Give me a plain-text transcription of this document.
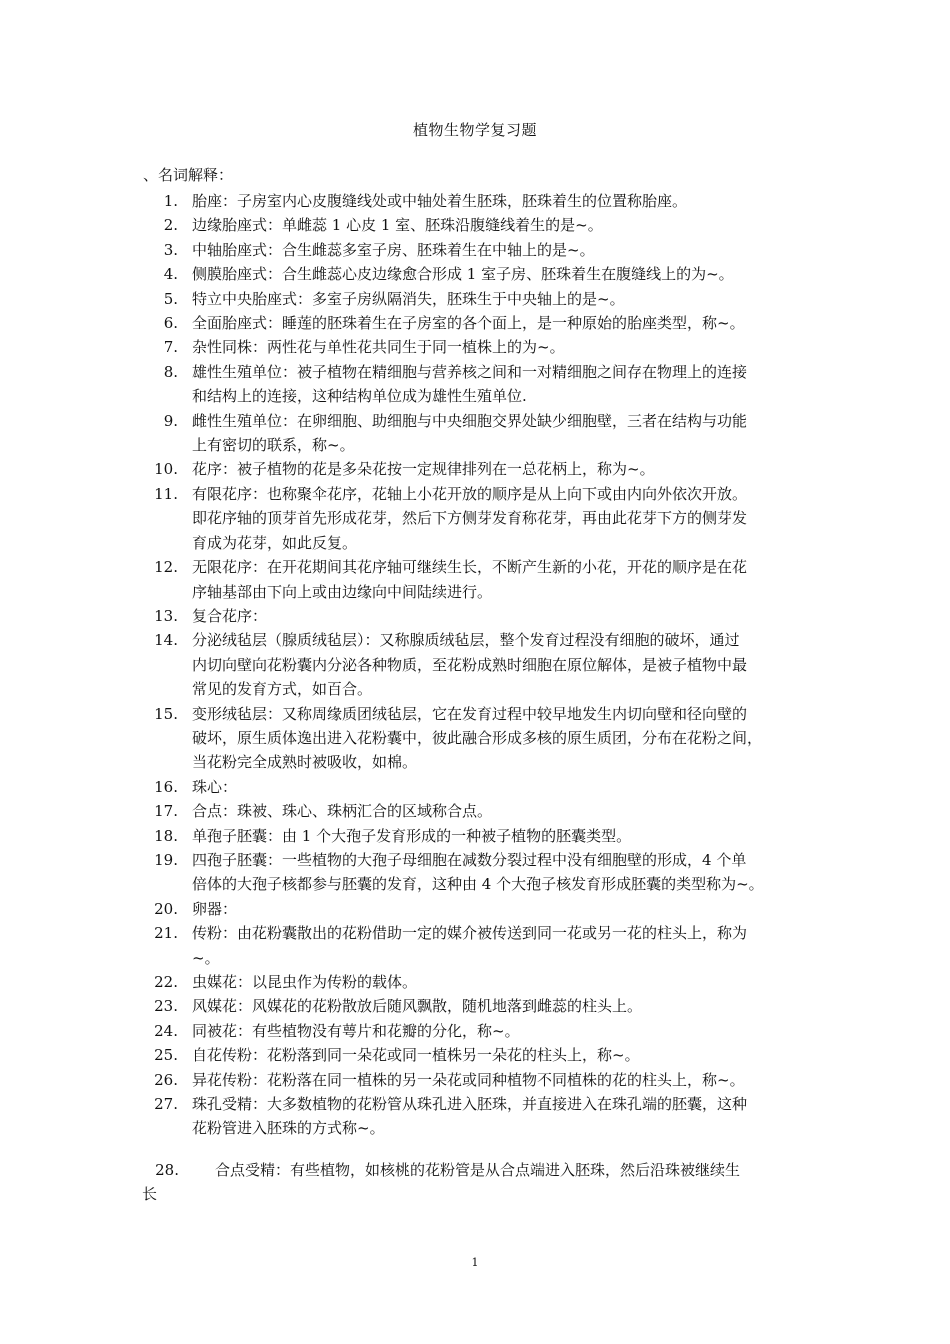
植物生物学复习题
、名词解释：
1. 胎座：子房室内心皮腹缝线处或中轴处着生胚珠，胚珠着生的位置称胎座。
2. 边缘胎座式：单雌蕊 1 心皮 1 室、胚珠沿腹缝线着生的是~。
3. 中轴胎座式：合生雌蕊多室子房、胚珠着生在中轴上的是~。
4. 侧膜胎座式：合生雌蕊心皮边缘愈合形成 1 室子房、胚珠着生在腹缝线上的为~。
5. 特立中央胎座式：多室子房纵隔消失，胚珠生于中央轴上的是~。
6. 全面胎座式：睡莲的胚珠着生在子房室的各个面上，是一种原始的胎座类型，称~。
7. 杂性同株：两性花与单性花共同生于同一植株上的为~。
8. 雄性生殖单位：被子植物在精细胞与营养核之间和一对精细胞之间存在物理上的连接
和结构上的连接，这种结构单位成为雄性生殖单位.
9. 雌性生殖单位：在卵细胞、助细胞与中央细胞交界处缺少细胞壁，三者在结构与功能
上有密切的联系，称~。
10. 花序：被子植物的花是多朵花按一定规律排列在一总花柄上，称为~。
11. 有限花序：也称聚伞花序，花轴上小花开放的顺序是从上向下或由内向外依次开放。
即花序轴的顶芽首先形成花芽，然后下方侧芽发育称花芽，再由此花芽下方的侧芽发
育成为花芽，如此反复。
12. 无限花序：在开花期间其花序轴可继续生长，不断产生新的小花，开花的顺序是在花
序轴基部由下向上或由边缘向中间陆续进行。
13. 复合花序：
14. 分泌绒毡层（腺质绒毡层）：又称腺质绒毡层，整个发育过程没有细胞的破坏，通过
内切向壁向花粉囊内分泌各种物质，至花粉成熟时细胞在原位解体，是被子植物中最
常见的发育方式，如百合。
15. 变形绒毡层：又称周缘质团绒毡层，它在发育过程中较早地发生内切向壁和径向壁的
破坏，原生质体逸出进入花粉囊中，彼此融合形成多核的原生质团，分布在花粉之间，
当花粉完全成熟时被吸收，如棉。
16. 珠心：
17. 合点：珠被、珠心、珠柄汇合的区域称合点。
18. 单孢子胚囊：由 1 个大孢子发育形成的一种被子植物的胚囊类型。
19. 四孢子胚囊：一些植物的大孢子母细胞在减数分裂过程中没有细胞壁的形成，4 个单
倍体的大孢子核都参与胚囊的发育，这种由 4 个大孢子核发育形成胚囊的类型称为~。
20. 卵器：
21. 传粉：由花粉囊散出的花粉借助一定的媒介被传送到同一花或另一花的柱头上，称为
~。
22. 虫媒花：以昆虫作为传粉的载体。
23. 风媒花：风媒花的花粉散放后随风飘散，随机地落到雌蕊的柱头上。
24. 同被花：有些植物没有萼片和花瓣的分化，称~。
25. 自花传粉：花粉落到同一朵花或同一植株另一朵花的柱头上，称~。
26. 异花传粉：花粉落在同一植株的另一朵花或同种植物不同植株的花的柱头上，称~。
27. 珠孔受精：大多数植物的花粉管从珠孔进入胚珠，并直接进入在珠孔端的胚囊，这种
花粉管进入胚珠的方式称~。
28. 合点受精：有些植物，如核桃的花粉管是从合点端进入胚珠，然后沿珠被继续生
长
1
